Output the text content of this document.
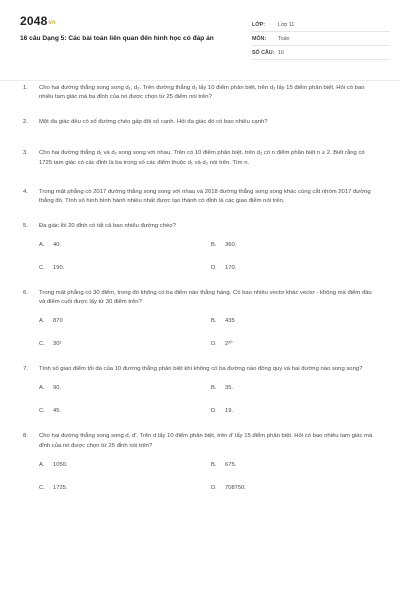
2048vn
16 câu Dạng 5: Các bài toán liên quan đến hình học có đáp án
LỚP:	Lớp 11
MÔN:	Toán
SỐ CÂU: 16
1. Cho hai đường thẳng song song d₁, d₂. Trên đường thẳng d₁ lấy 10 điểm phân biệt, trên d₂ lấy 15 điểm phân biệt. Hỏi có bao nhiêu tam giác mà ba đỉnh của nó được chọn từ 25 điểm nói trên?
2. Một đa giác đều có số đường chéo gấp đôi số cạnh. Hỏi đa giác đó có bao nhiêu cạnh?
3. Cho hai đường thẳng d₁ và d₂ song song với nhau. Trên có 10 điểm phân biệt, trên d₂ có n điểm phân biệt n ≥ 2. Biết rằng có 1725 tam giác có các đỉnh là ba trong số các điểm thuộc d₁ và d₂ nói trên. Tìm n.
4. Trong mặt phẳng có 2017 đường thẳng song song với nhau và 2018 đường thẳng song song khác cùng cắt nhóm 2017 đường thẳng đó. Tính số hình bình hành nhiều nhất được tạo thành có đỉnh là các giao điểm nói trên.
5. Đa giác lồi 20 đỉnh có tất cả bao nhiêu đường chéo?
A. 40.	B. 360.
C. 190.	D. 170.
6. Trong mặt phẳng có 30 điểm, trong đó không có ba điểm nào thẳng hàng. Có bao nhiêu vectơ khác vectơ - không mà điểm đầu và điểm cuối được lấy từ 30 điểm trên?
A. 870	B. 435
C. 30²	D. 2³⁰
7. Tính số giao điểm tối đa của 10 đường thẳng phân biệt khi không có ba đường nào đồng quy và hai đường nào song song?
A. 90.	B. 35.
C. 45.	D. 19.
8. Cho hai đường thẳng song song d, d′. Trên d lấy 10 điểm phân biệt, trên d′ lấy 15 điểm phân biệt. Hỏi có bao nhiêu tam giác mà đỉnh của nó được chọn từ 25 đỉnh nói trên?
A. 1050.	B. 675.
C. 1725.	D. 708750.
